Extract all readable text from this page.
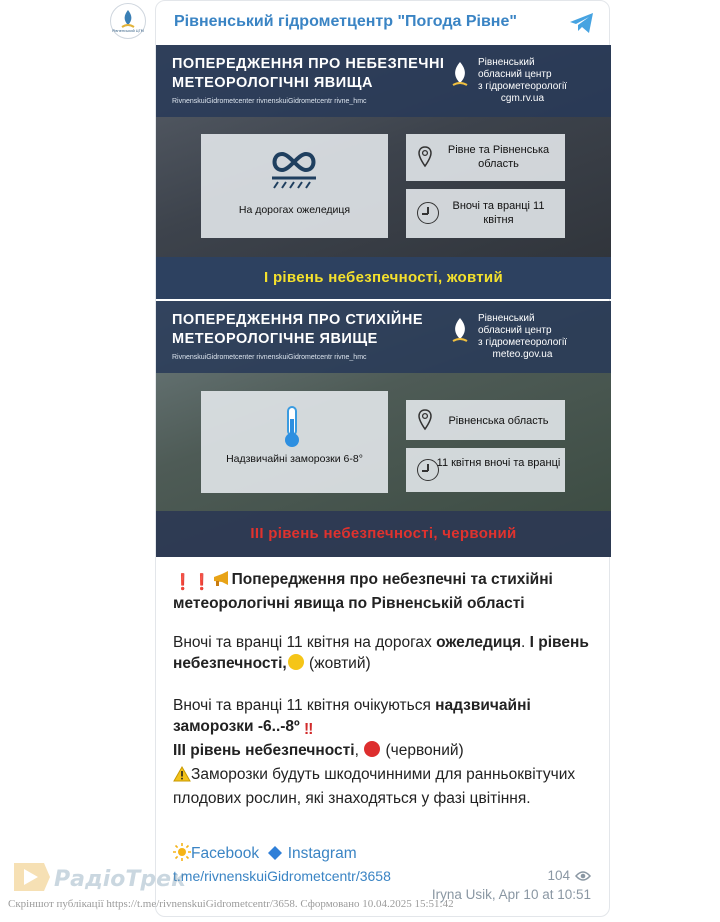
Рівненський ЦГМ
Рівненський гідрометцентр "Погода Рівне"
ПОПЕРЕДЖЕННЯ ПРО НЕБЕЗПЕЧНІ
МЕТЕОРОЛОГІЧНІ ЯВИЩА
RivnenskuiGidrometcenter rivnenskuiGidrometcentr rivne_hmc
Рівненський
обласний центр
з гідрометеорології

cgm.rv.ua
На дорогах ожеледиця
Рівне та Рівненська область
Вночі та вранці 11 квітня
І рівень небезпечності, жовтий
ПОПЕРЕДЖЕННЯ ПРО СТИХІЙНЕ
МЕТЕОРОЛОГІЧНЕ ЯВИЩЕ
RivnenskuiGidrometcenter rivnenskuiGidrometcentr rivne_hmc
Рівненський
обласний центр
з гідрометеорології

meteo.gov.ua
Надзвичайні заморозки 6-8°
Рівненська область
11 квітня вночі та вранці
ІІІ рівень небезпечності, червоний
❗❗ Попередження про небезпечні та стихійні метеорологічні явища по Рівненській області
Вночі та вранці 11 квітня на дорогах ожеледиця. І рівень небезпечності, (жовтий)
Вночі та вранці 11 квітня очікуються надзвичайні заморозки -6..-8º ‼
ІІІ рівень небезпечності,  (червоний)
Заморозки будуть шкодочинними для ранньоквітучих плодових рослин, які знаходяться у фазі цвітіння.
Facebook Instagram
t.me/rivnenskuiGidrometcentr/3658	104
Iryna Usik, Apr 10 at 10:51
РадіоТрек
Скріншот публікації https://t.me/rivnenskuiGidrometcentr/3658. Сформовано 10.04.2025 15:51:42
